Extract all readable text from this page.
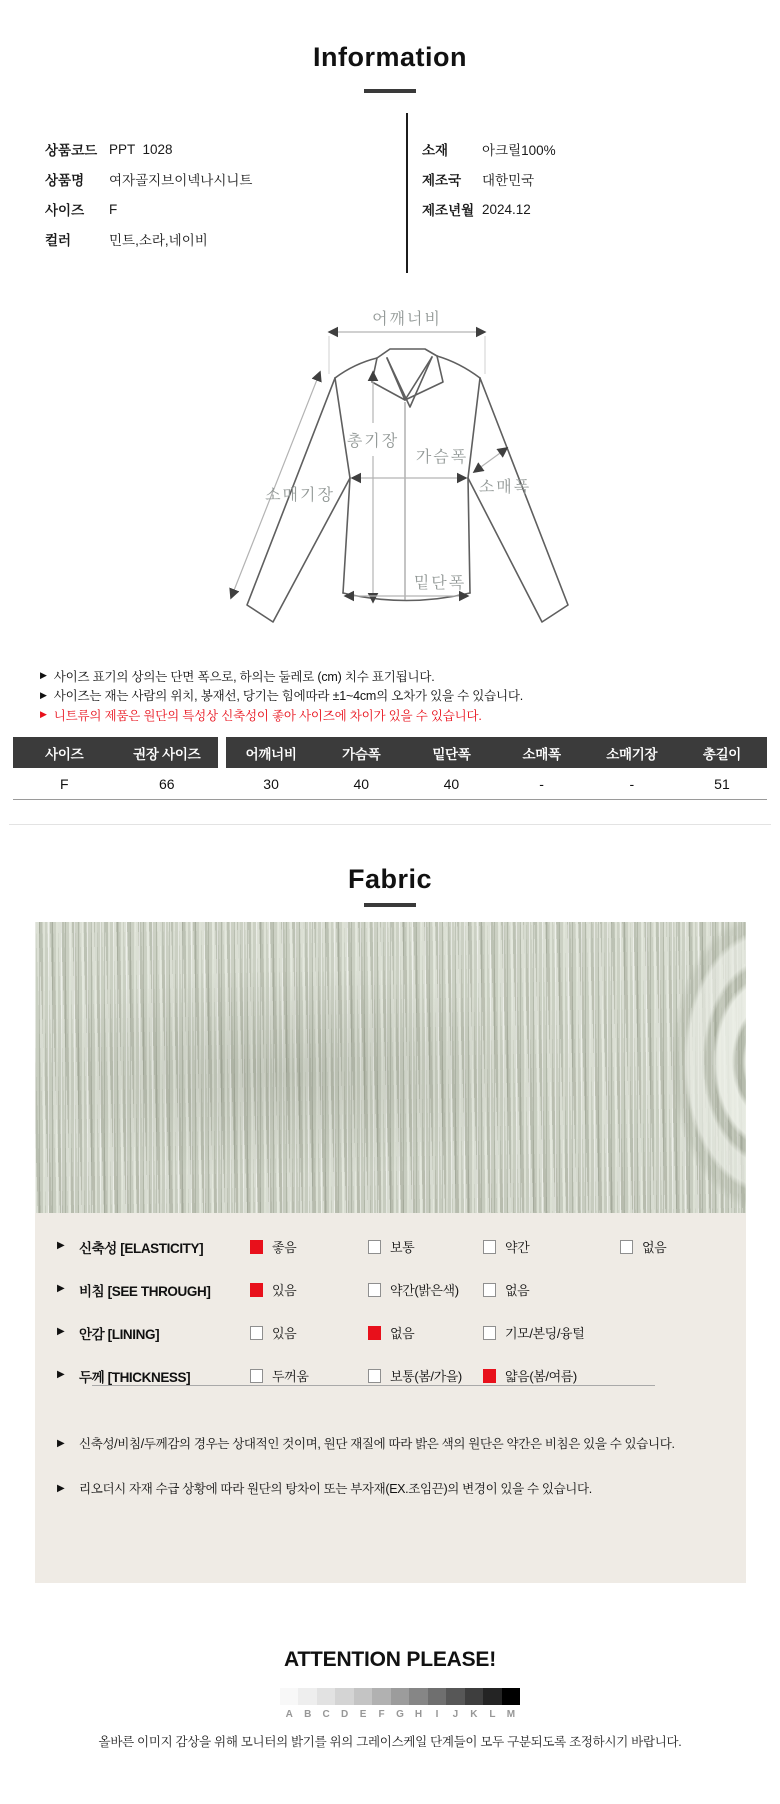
Information
상품코드 PPT  1028
상품명	여자골지브이넥나시니트
사이즈	F
컬러	민트,소라,네이비
소재	아크릴100%
제조국	대한민국
제조년월 2024.12
어깨너비
총기장
가슴폭
소매폭
소매기장
밑단폭
▶ 사이즈 표기의 상의는 단면 폭으로, 하의는 둘레로 (cm) 치수 표기됩니다.
▶ 사이즈는 재는 사람의 위치, 봉재선, 당기는 힘에따라 ±1~4cm의 오차가 있을 수 있습니다.
▶ 니트류의 제품은 원단의 특성상 신축성이 좋아 사이즈에 차이가 있을 수 있습니다.
사이즈	권장 사이즈	어깨너비	가슴폭	밑단폭	소매폭	소매기장	총길이
F	66	30	40	40	-	-	51
Fabric
▶ 신축성 [ELASTICITY]	좋음	보통	약간	없음
▶ 비침 [SEE THROUGH]	있음	약간(밝은색)	없음
▶ 안감 [LINING]	있음	없음	기모/본딩/융털
▶ 두께 [THICKNESS]	두꺼움	보통(봄/가을)	얇음(봄/여름)
▶ 신축성/비침/두께감의 경우는 상대적인 것이며, 원단 재질에 따라 밝은 색의 원단은 약간은 비침은 있을 수 있습니다.
▶ 리오더시 자재 수급 상황에 따라 원단의 탕차이 또는 부자재(EX.조임끈)의 변경이 있을 수 있습니다.
ATTENTION PLEASE!
A	B	C	D	E	F	G	H	I	J	K	L	M
올바른 이미지 감상을 위해 모니터의 밝기를 위의 그레이스케일 단계들이 모두 구분되도록 조정하시기 바랍니다.
